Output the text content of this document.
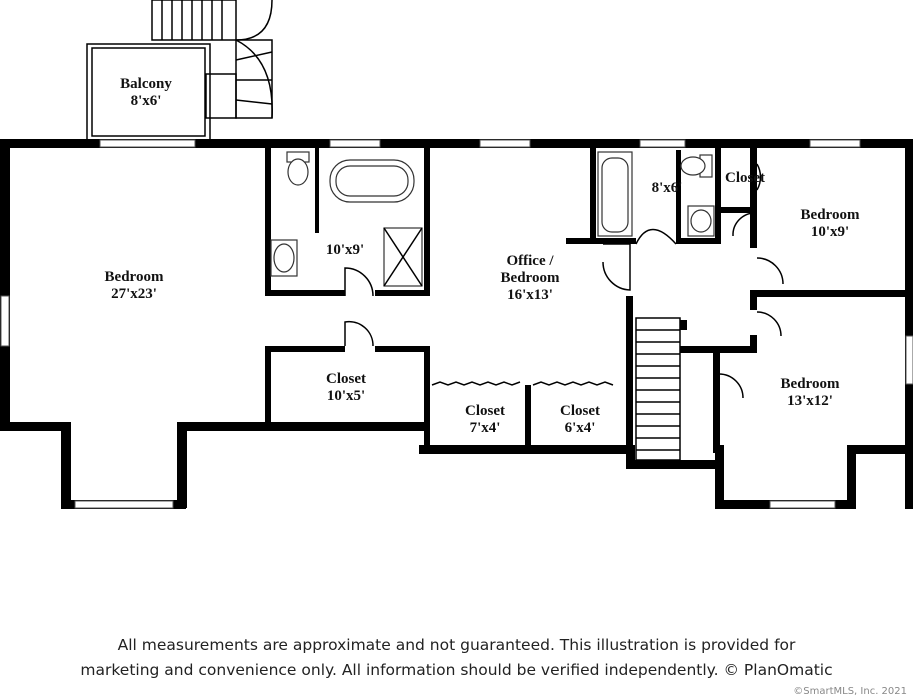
Balcony
8'x6'
Bedroom
27'x23'
10'x9'
Office /
Bedroom
16'x13'
8'x6'
Closet
Bedroom
10'x9'
Closet
10'x5'
Closet
7'x4'
Closet
6'x4'
Bedroom
13'x12'
All measurements are approximate and not guaranteed. This illustration is provided for
marketing and convenience only. All information should be verified independently. © PlanOmatic
©SmartMLS, Inc. 2021
